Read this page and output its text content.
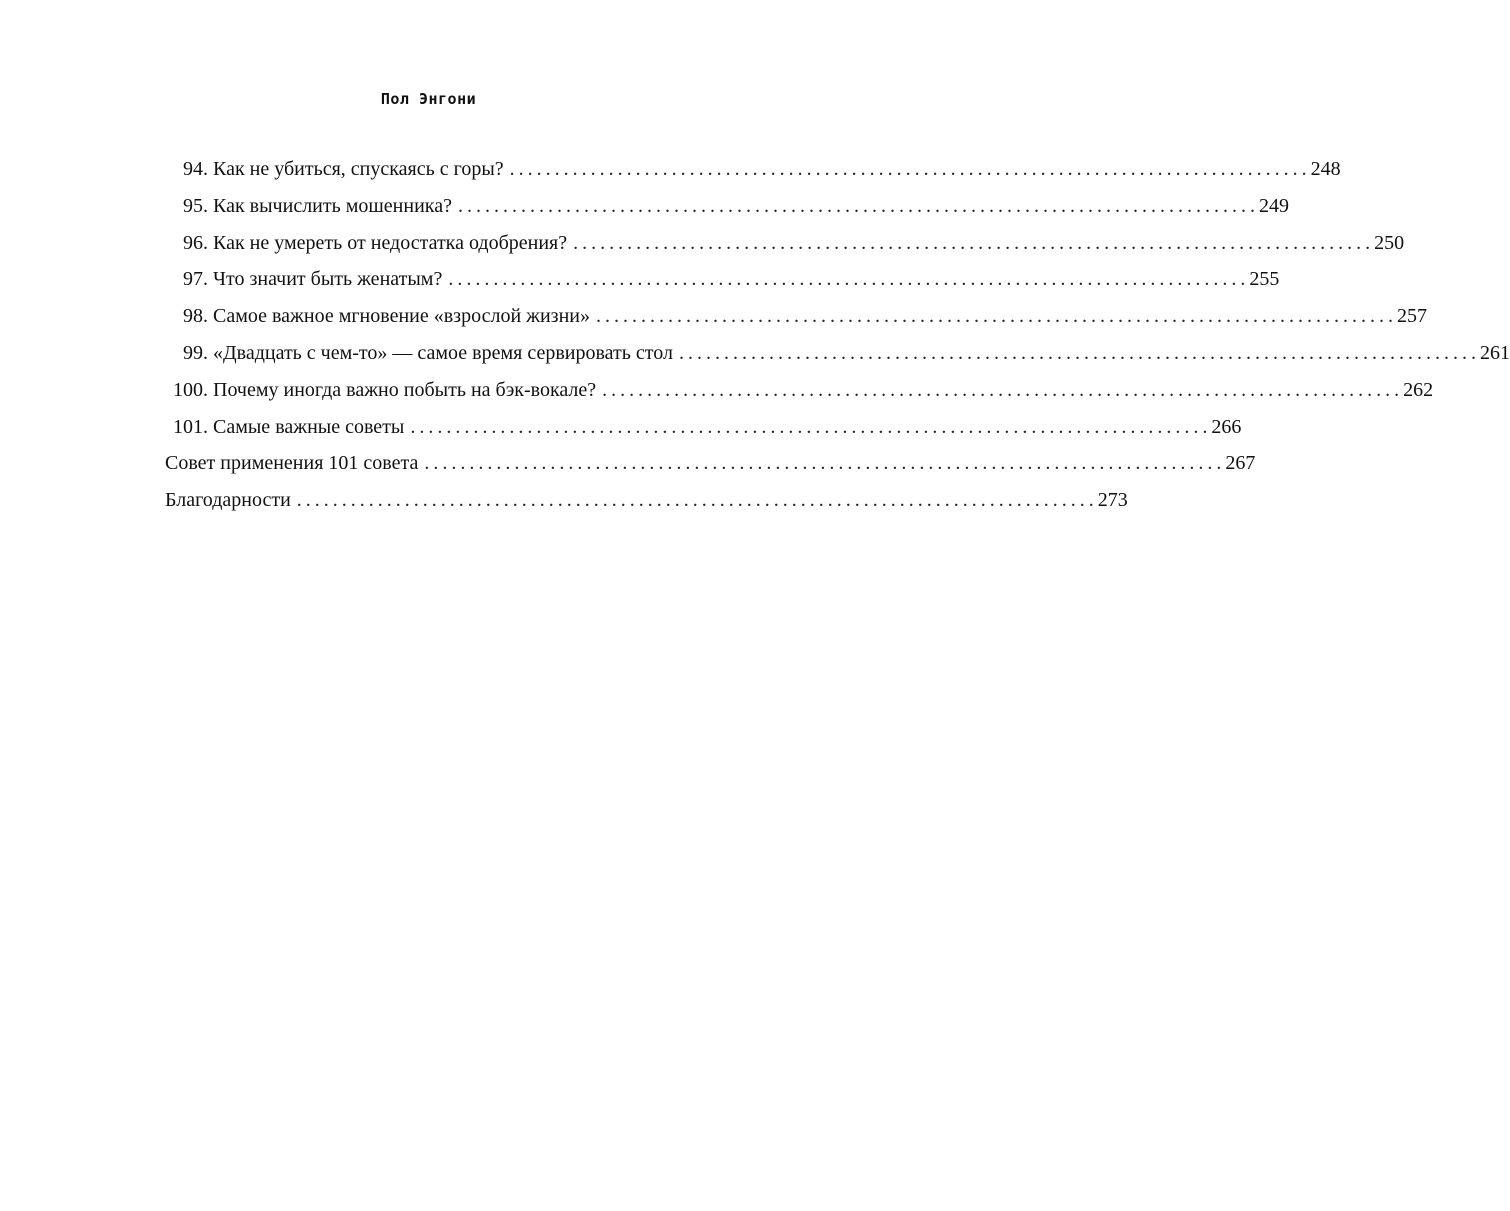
Пол Энгони
94. Как не убиться, спускаясь с горы? . . .	248
95. Как вычислить мошенника? . . .	249
96. Как не умереть от недостатка одобрения? . . .	250
97. Что значит быть женатым? . . .	255
98. Самое важное мгновение «взрослой жизни» . . .	257
99. «Двадцать с чем-то» — самое время сервировать стол . . .	261
100. Почему иногда важно побыть на бэк-вокале? . . .	262
101. Самые важные советы . . .	266
Совет применения 101 совета . . .	267
Благодарности . . .	273
